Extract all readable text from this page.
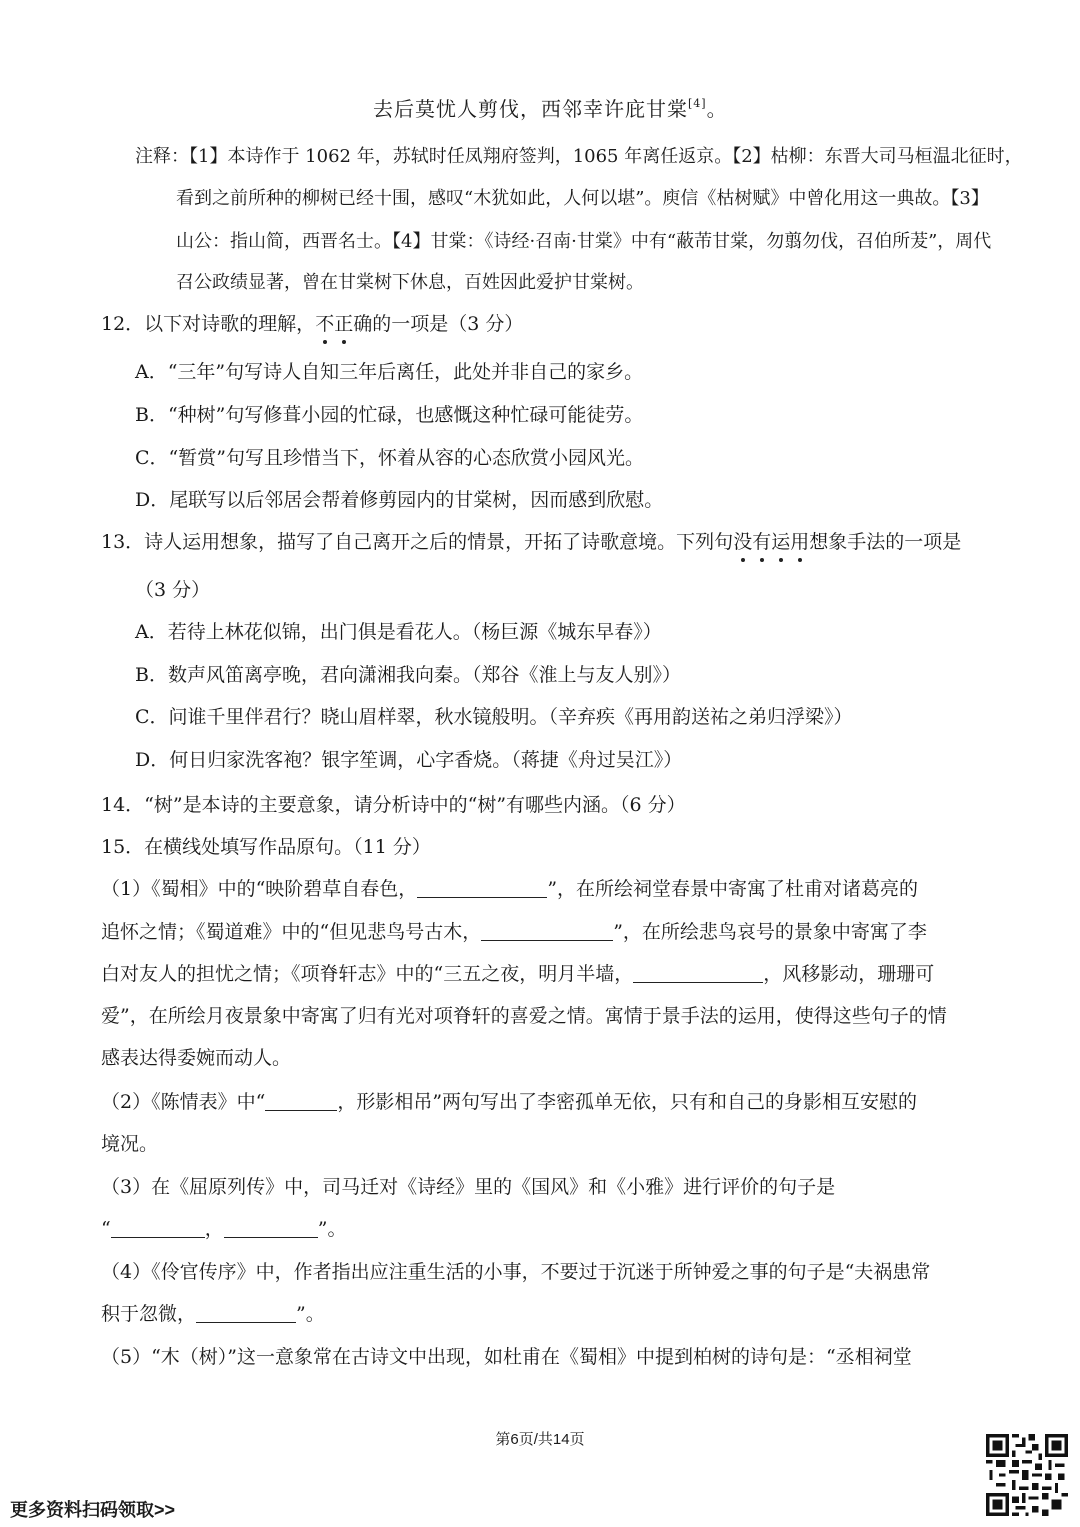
去后莫忧人剪伐，西邻幸许庇甘棠[4]。
注释：【1】本诗作于 1062 年，苏轼时任凤翔府签判，1065 年离任返京。【2】枯柳：东晋大司马桓温北征时，
看到之前所种的柳树已经十围，感叹“木犹如此，人何以堪”。庾信《枯树赋》中曾化用这一典故。【3】
山公：指山简，西晋名士。【4】甘棠：《诗经·召南·甘棠》中有“蔽芾甘棠，勿翦勿伐，召伯所茇”，周代
召公政绩显著，曾在甘棠树下休息，百姓因此爱护甘棠树。
12．以下对诗歌的理解，不正确的一项是（3 分）
A．“三年”句写诗人自知三年后离任，此处并非自己的家乡。
B．“种树”句写修葺小园的忙碌，也感慨这种忙碌可能徒劳。
C．“暂赏”句写且珍惜当下，怀着从容的心态欣赏小园风光。
D．尾联写以后邻居会帮着修剪园内的甘棠树，因而感到欣慰。
13．诗人运用想象，描写了自己离开之后的情景，开拓了诗歌意境。下列句没有运用想象手法的一项是
（3 分）
A．若待上林花似锦，出门俱是看花人。（杨巨源《城东早春》）
B．数声风笛离亭晚，君向潇湘我向秦。（郑谷《淮上与友人别》）
C．问谁千里伴君行？晓山眉样翠，秋水镜般明。（辛弃疾《再用韵送祐之弟归浮梁》）
D．何日归家洗客袍？银字笙调，心字香烧。（蒋捷《舟过吴江》）
14．“树”是本诗的主要意象，请分析诗中的“树”有哪些内涵。（6 分）
15．在横线处填写作品原句。（11 分）
（1）《蜀相》中的“映阶碧草自春色，	”，在所绘祠堂春景中寄寓了杜甫对诸葛亮的
追怀之情；《蜀道难》中的“但见悲鸟号古木，	”，在所绘悲鸟哀号的景象中寄寓了李
白对友人的担忧之情；《项脊轩志》中的“三五之夜，明月半墙，	，风移影动，珊珊可
爱”，在所绘月夜景象中寄寓了归有光对项脊轩的喜爱之情。寓情于景手法的运用，使得这些句子的情
感表达得委婉而动人。
（2）《陈情表》中“	，形影相吊”两句写出了李密孤单无依，只有和自己的身影相互安慰的
境况。
（3）在《屈原列传》中，司马迁对《诗经》里的《国风》和《小雅》进行评价的句子是
“	，	”。
（4）《伶官传序》中，作者指出应注重生活的小事，不要过于沉迷于所钟爱之事的句子是“夫祸患常
积于忽微，	”。
（5）“木（树）”这一意象常在古诗文中出现，如杜甫在《蜀相》中提到柏树的诗句是：“丞相祠堂
第6页/共14页
更多资料扫码领取>>
